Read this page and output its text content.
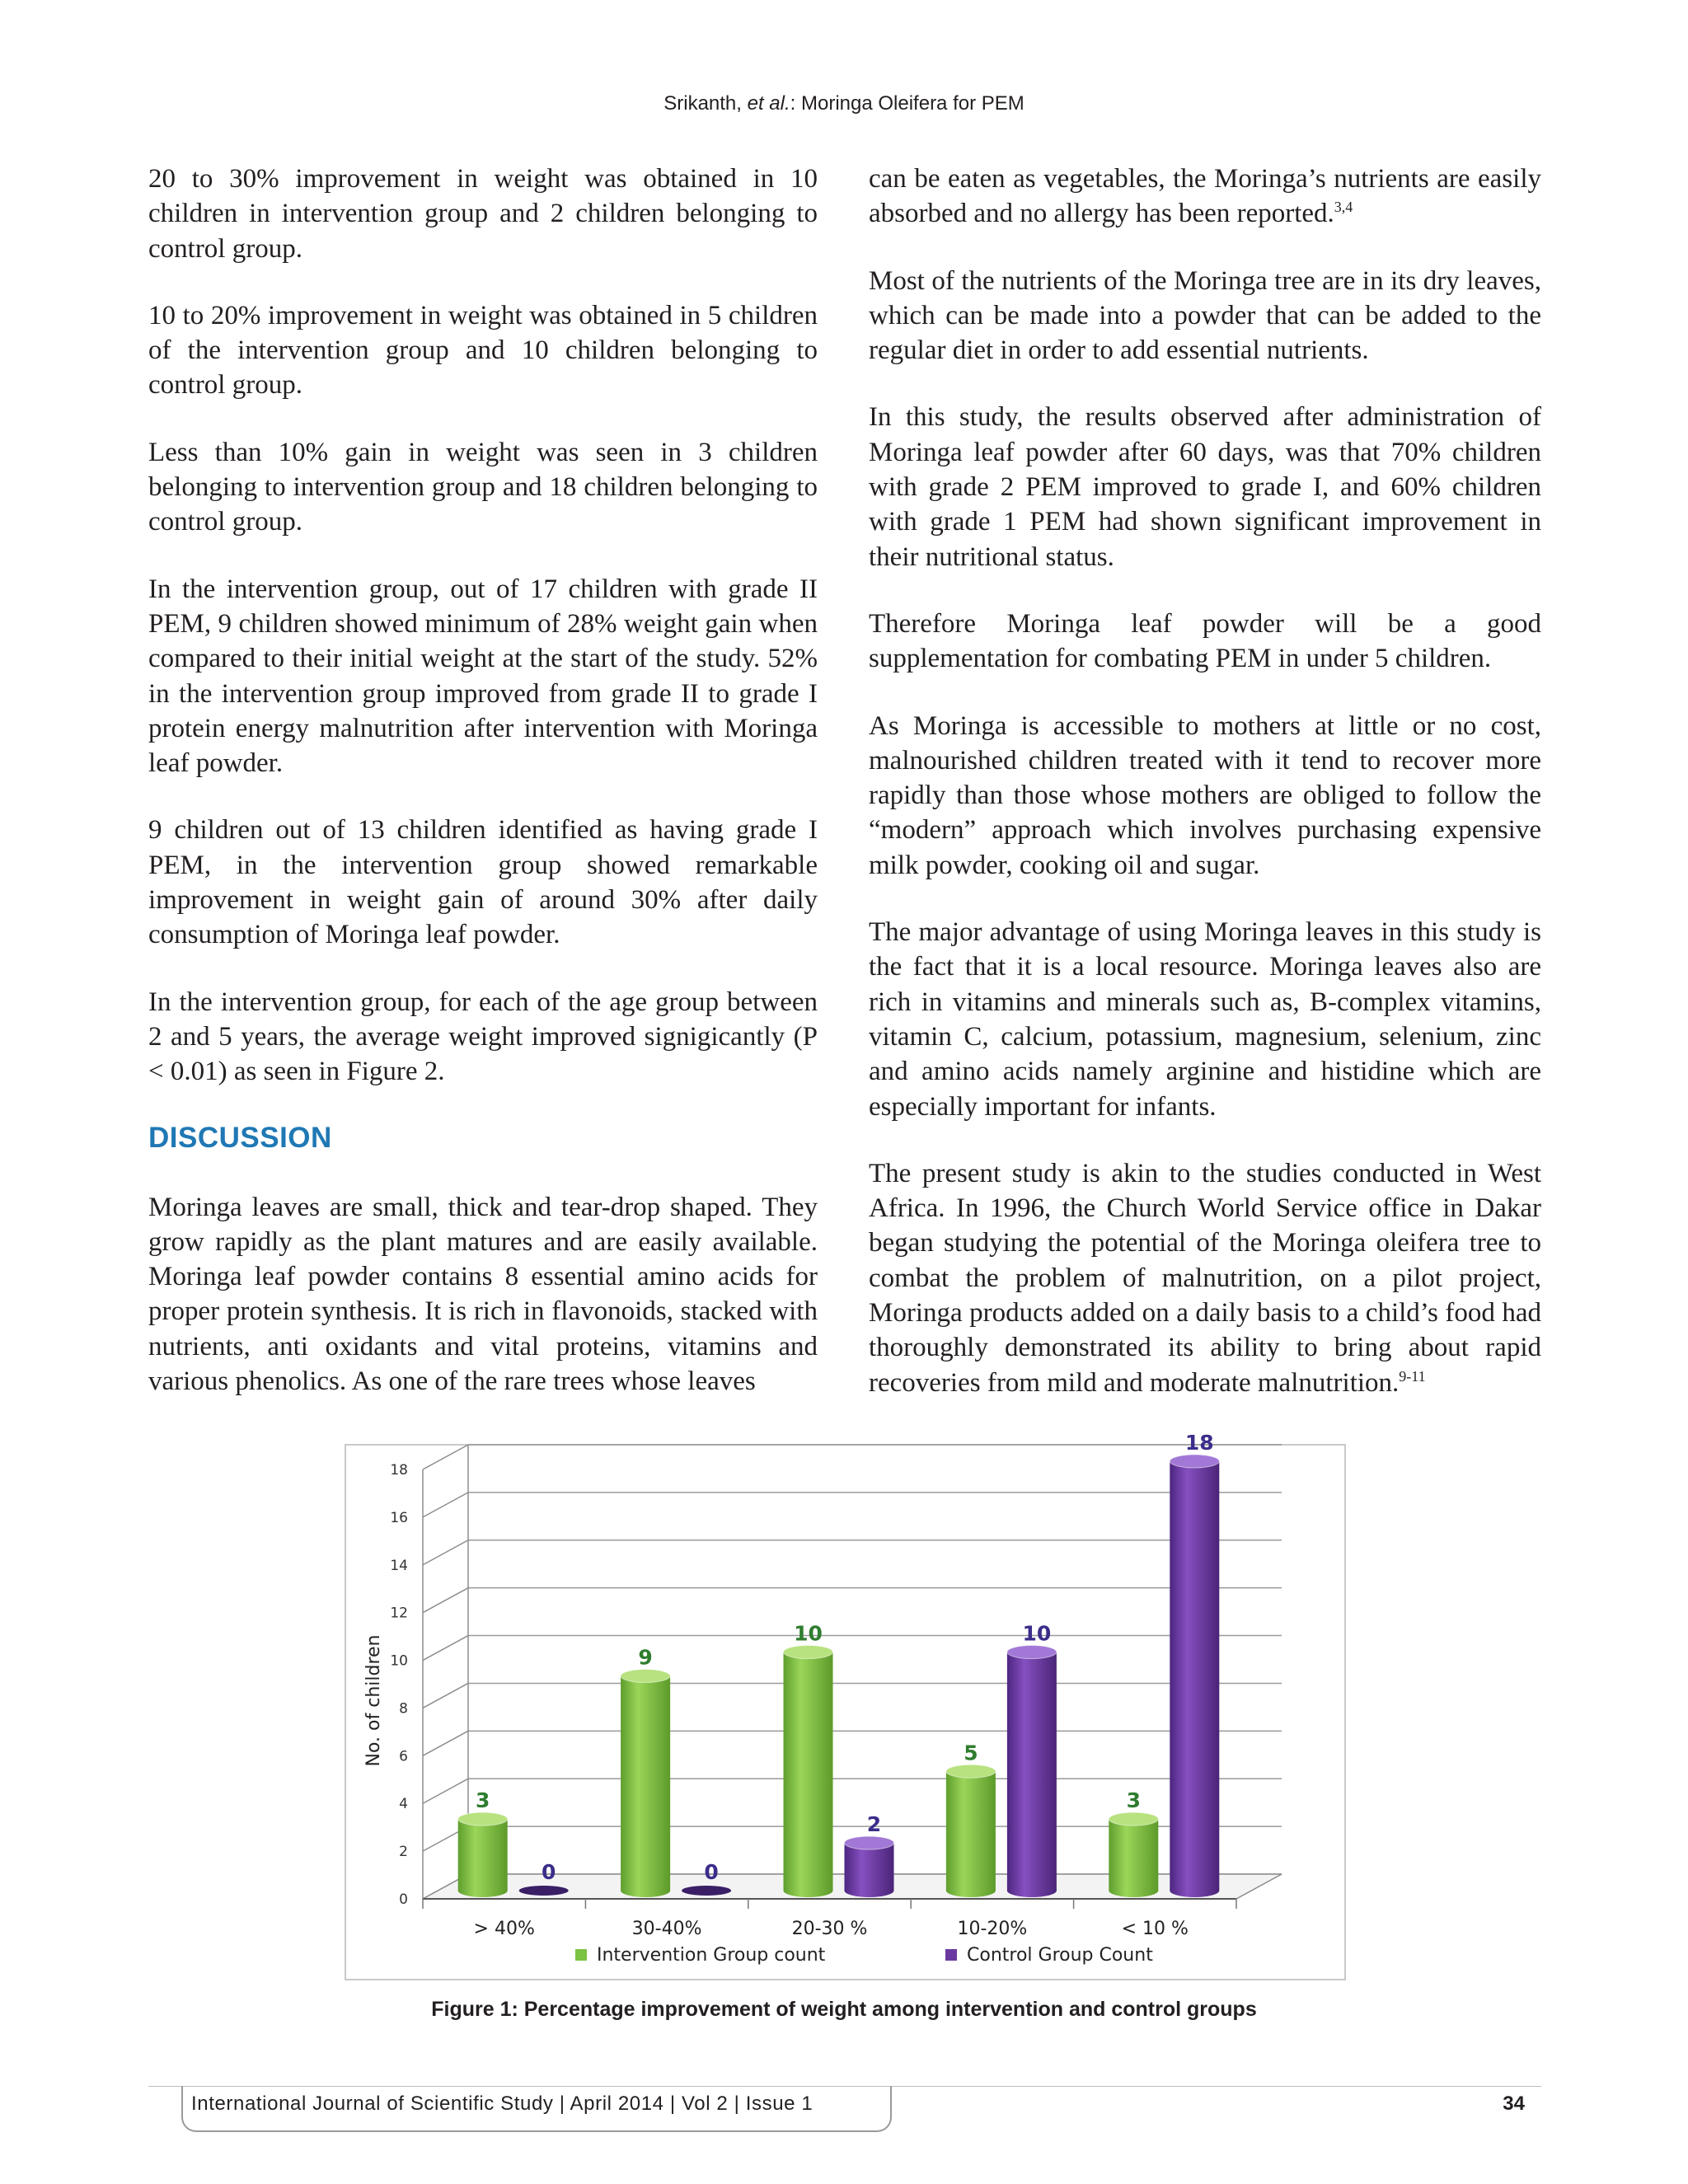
Srikanth, et al.: Moringa Oleifera for PEM

20 to 30% improvement in weight was obtained in 10 children in intervention group and 2 children belonging to control group.

10 to 20% improvement in weight was obtained in 5 children of the intervention group and 10 children belonging to control group.

Less than 10% gain in weight was seen in 3 children belonging to intervention group and 18 children belonging to control group.

In the intervention group, out of 17 children with grade II PEM, 9 children showed minimum of 28% weight gain when compared to their initial weight at the start of the study. 52% in the intervention group improved from grade II to grade I protein energy malnutrition after intervention with Moringa leaf powder.

9 children out of 13 children identified as having grade I PEM, in the intervention group showed remarkable improvement in weight gain of around 30% after daily consumption of Moringa leaf powder.

In the intervention group, for each of the age group between 2 and 5 years, the average weight improved signigicantly (P < 0.01) as seen in Figure 2.

DISCUSSION

Moringa leaves are small, thick and tear-drop shaped. They grow rapidly as the plant matures and are easily available. Moringa leaf powder contains 8 essential amino acids for proper protein synthesis. It is rich in flavonoids, stacked with nutrients, anti oxidants and vital proteins, vitamins and various phenolics. As one of the rare trees whose leaves

can be eaten as vegetables, the Moringa’s nutrients are easily absorbed and no allergy has been reported.$^{3,4}$

Most of the nutrients of the Moringa tree are in its dry leaves, which can be made into a powder that can be added to the regular diet in order to add essential nutrients.

In this study, the results observed after administration of Moringa leaf powder after 60 days, was that 70% children with grade 2 PEM improved to grade I, and 60% children with grade 1 PEM had shown significant improvement in their nutritional status.

Therefore Moringa leaf powder will be a good supplementation for combating PEM in under 5 children.

As Moringa is accessible to mothers at little or no cost, malnourished children treated with it tend to recover more rapidly than those whose mothers are obliged to follow the “modern” approach which involves purchasing expensive milk powder, cooking oil and sugar.

The major advantage of using Moringa leaves in this study is the fact that it is a local resource. Moringa leaves also are rich in vitamins and minerals such as, B-complex vitamins, vitamin C, calcium, potassium, magnesium, selenium, zinc and amino acids namely arginine and histidine which are especially important for infants.

The present study is akin to the studies conducted in West Africa. In 1996, the Church World Service office in Dakar began studying the potential of the Moringa oleifera tree to combat the problem of malnutrition, on a pilot project, Moringa products added on a daily basis to a child’s food had thoroughly demonstrated its ability to bring about rapid recoveries from mild and moderate malnutrition.$^{9-11}$

0
2
4
6
8
10
12
14
16
18
No. of children
3
0
> 40%
9
0
30-40%
10
2
20-30 %
5
10
10-20%
3
18
< 10 %
Intervention Group count	Control Group Count
Figure 1: Percentage improvement of weight among intervention and control groups
International Journal of Scientific Study | April 2014 | Vol 2 | Issue 1	34
